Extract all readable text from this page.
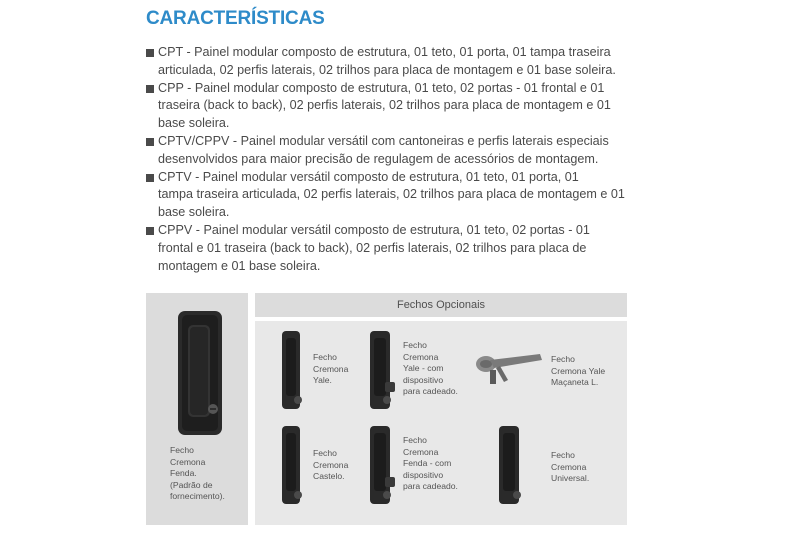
CARACTERÍSTICAS
CPT - Painel modular composto de estrutura, 01 teto, 01 porta, 01 tampa traseira
articulada, 02 perfis laterais, 02 trilhos para placa de montagem e 01 base soleira.
CPP - Painel modular composto de estrutura, 01 teto, 02 portas - 01 frontal e 01
traseira (back to back), 02 perfis laterais, 02 trilhos para placa de montagem e 01
base soleira.
CPTV/CPPV - Painel modular versátil com cantoneiras e perfis laterais especiais
desenvolvidos para maior precisão de regulagem de acessórios de montagem.
CPTV - Painel modular versátil composto de estrutura, 01 teto, 01 porta, 01
tampa traseira articulada, 02 perfis laterais, 02 trilhos para placa de montagem e 01
base soleira.
CPPV - Painel modular versátil composto de estrutura, 01 teto, 02 portas - 01
frontal e 01 traseira (back to back), 02 perfis laterais, 02 trilhos para placa de
montagem e 01 base soleira.
Fecho
Cremona
Fenda.
(Padrão de
fornecimento).
Fechos Opcionais
Fecho
Cremona
Yale.
Fecho
Cremona
Yale - com
dispositivo
para cadeado.
Fecho
Cremona Yale
Maçaneta L.
Fecho
Cremona
Castelo.
Fecho
Cremona
Fenda - com
dispositivo
para cadeado.
Fecho
Cremona
Universal.
